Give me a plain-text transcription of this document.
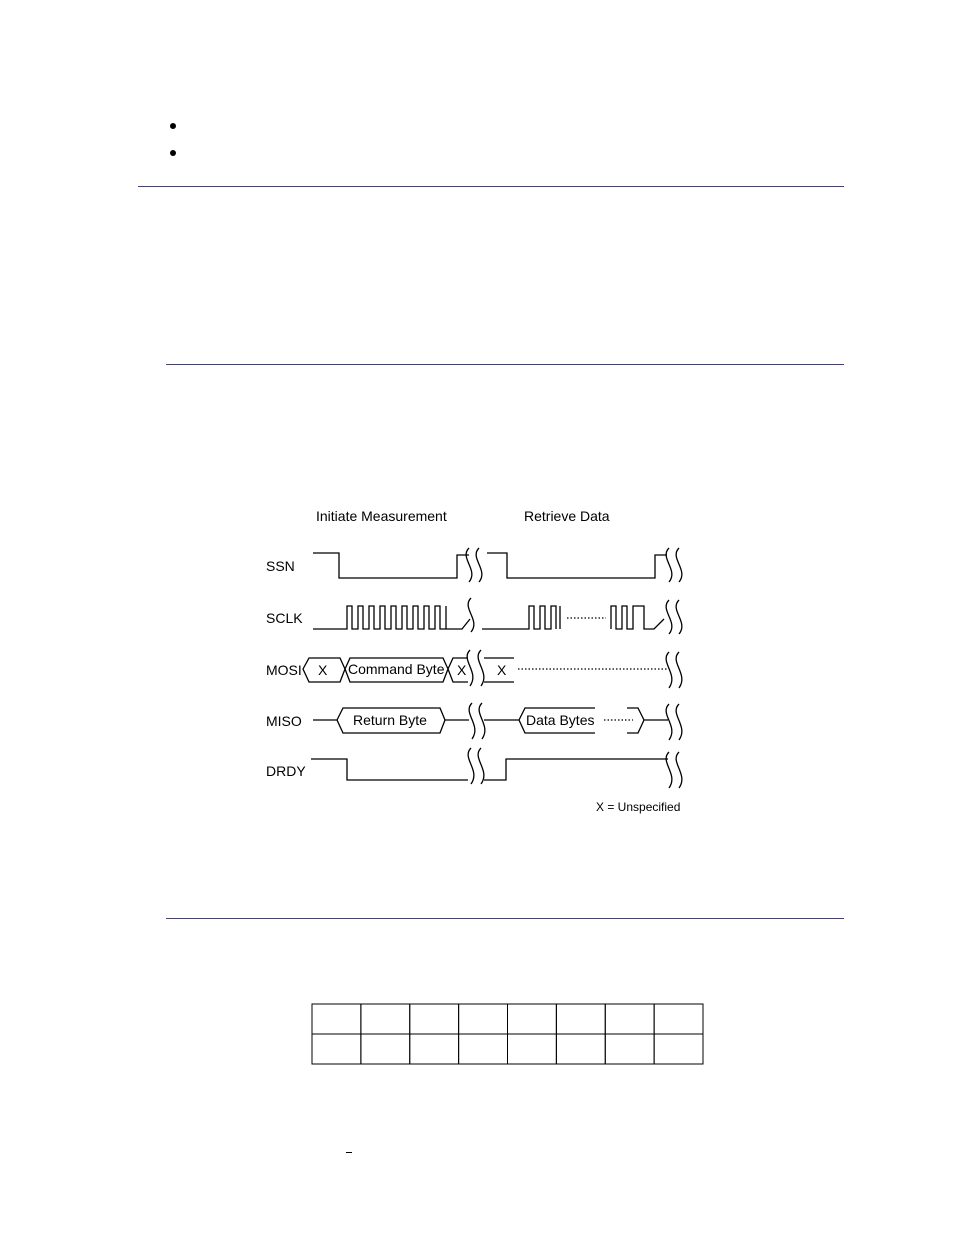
Initiate Measurement	Retrieve Data
SSN
SCLK
MOSI
MISO
DRDY
X Command Byte X X
Return Byte	Data Bytes
X = Unspecified
